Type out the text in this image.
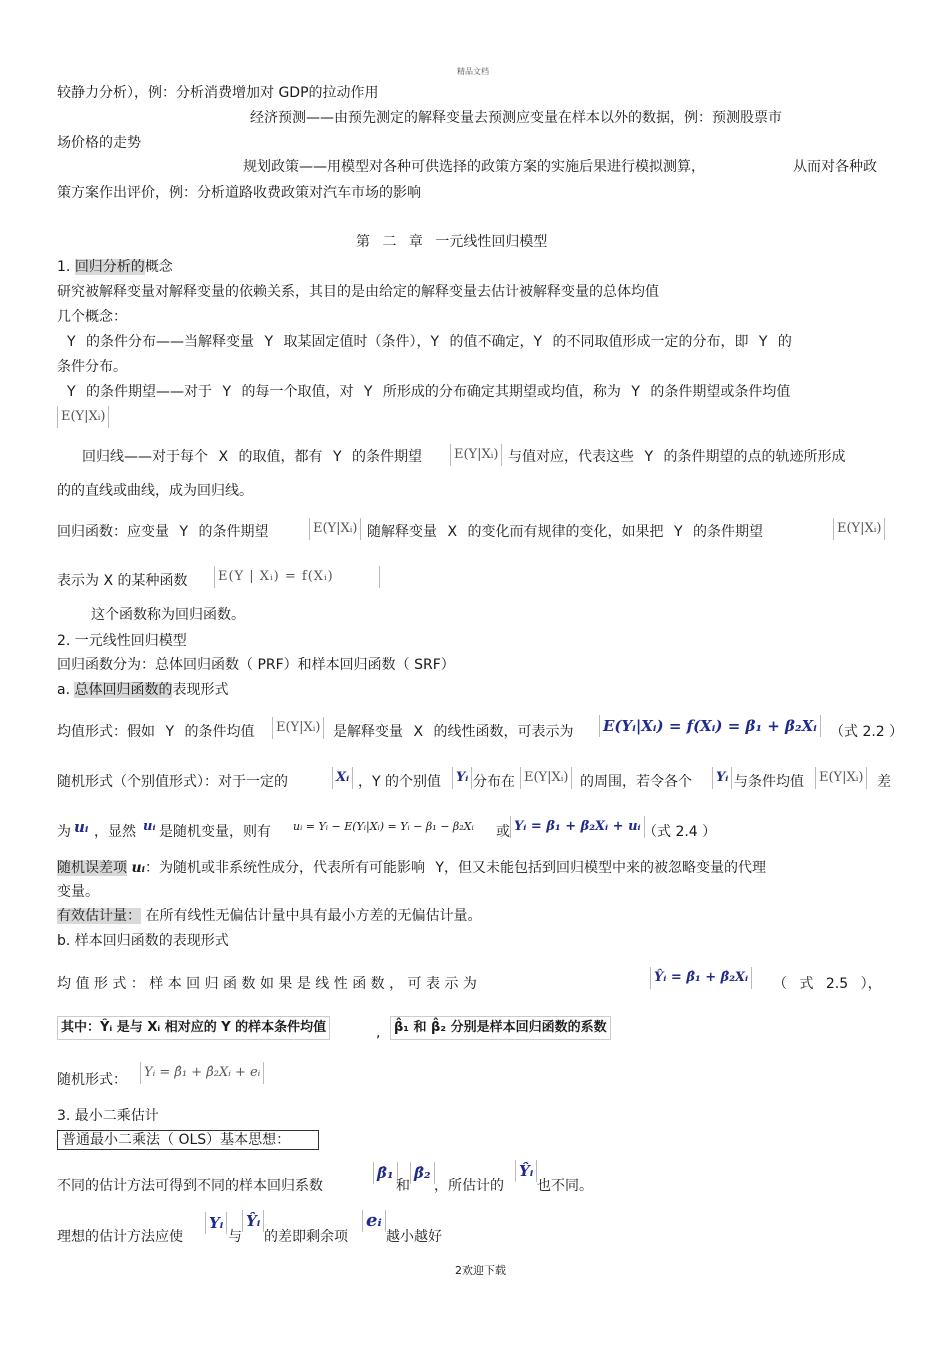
精品文档
2欢迎下载
较静力分析），例：分析消费增加对 GDP的拉动作用
经济预测——由预先测定的解释变量去预测应变量在样本以外的数据，例：预测股票市
场价格的走势
规划政策——用模型对各种可供选择的政策方案的实施后果进行模拟测算，	从而对各种政
策方案作出评价，例：分析道路收费政策对汽车市场的影响
第 二 章 一元线性回归模型
1. 回归分析的概念
研究被解释变量对解释变量的依赖关系，其目的是由给定的解释变量去估计被解释变量的总体均值
几个概念：
Y 的条件分布——当解释变量 Y 取某固定值时（条件），Y 的值不确定，Y 的不同取值形成一定的分布，即 Y 的
条件分布。
Y 的条件期望——对于 Y 的每一个取值，对 Y 所形成的分布确定其期望或均值，称为 Y 的条件期望或条件均值
E(Y|Xᵢ)
回归线——对于每个 X 的取值，都有 Y 的条件期望	E(Y|Xᵢ) 与值对应，代表这些 Y 的条件期望的点的轨迹所形成
的的直线或曲线，成为回归线。
回归函数：应变量 Y 的条件期望	E(Y|Xᵢ) 随解释变量 X 的变化而有规律的变化，如果把 Y 的条件期望	E(Y|Xᵢ)
表示为 X 的某种函数	E(Y | Xᵢ) = f(Xᵢ)
这个函数称为回归函数。
2. 一元线性回归模型
回归函数分为：总体回归函数（ PRF）和样本回归函数（ SRF）
a. 总体回归函数的表现形式
均值形式：假如 Y 的条件均值	E(Y|Xᵢ) 是解释变量 X 的线性函数，可表示为 E(Yᵢ|Xᵢ) = f(Xᵢ) = β₁ + β₂Xᵢ （式 2.2 ）
随机形式（个别值形式）：对于一定的	Xᵢ ，Y 的个别值	Yᵢ 分布在 E(Y|Xᵢ) 的周围，若令各个	Yᵢ 与条件均值	E(Y|Xᵢ) 差
为 uᵢ ，显然 uᵢ 是随机变量，则有 uᵢ = Yᵢ − E(Yᵢ|Xᵢ) = Yᵢ − β₁ − β₂Xᵢ 或 Yᵢ = β₁ + β₂Xᵢ + uᵢ （式 2.4 ）
随机误差项 uᵢ：为随机或非系统性成分，代表所有可能影响 Y，但又未能包括到回归模型中来的被忽略变量的代理
变量。
有效估计量： 在所有线性无偏估计量中具有最小方差的无偏估计量。
b. 样本回归函数的表现形式
均 值 形 式 ： 样 本 回 归 函 数 如 果 是 线 性 函 数 ， 可 表 示 为	Ŷᵢ = β̂₁ + β̂₂Xᵢ （ 式 2.5 ），
其中：Ŷᵢ 是与 Xᵢ 相对应的 Y 的样本条件均值	,	β̂₁ 和 β̂₂ 分别是样本回归函数的系数
随机形式：	Yᵢ = β̂₁ + β̂₂Xᵢ + eᵢ
3. 最小二乘估计
普通最小二乘法（ OLS）基本思想：
不同的估计方法可得到不同的样本回归系数
β̂₁
和
β̂₂
，所估计的
Ŷᵢ
也不同。
理想的估计方法应使
Yᵢ
与
Ŷᵢ
的差即剩余项
eᵢ
越小越好
